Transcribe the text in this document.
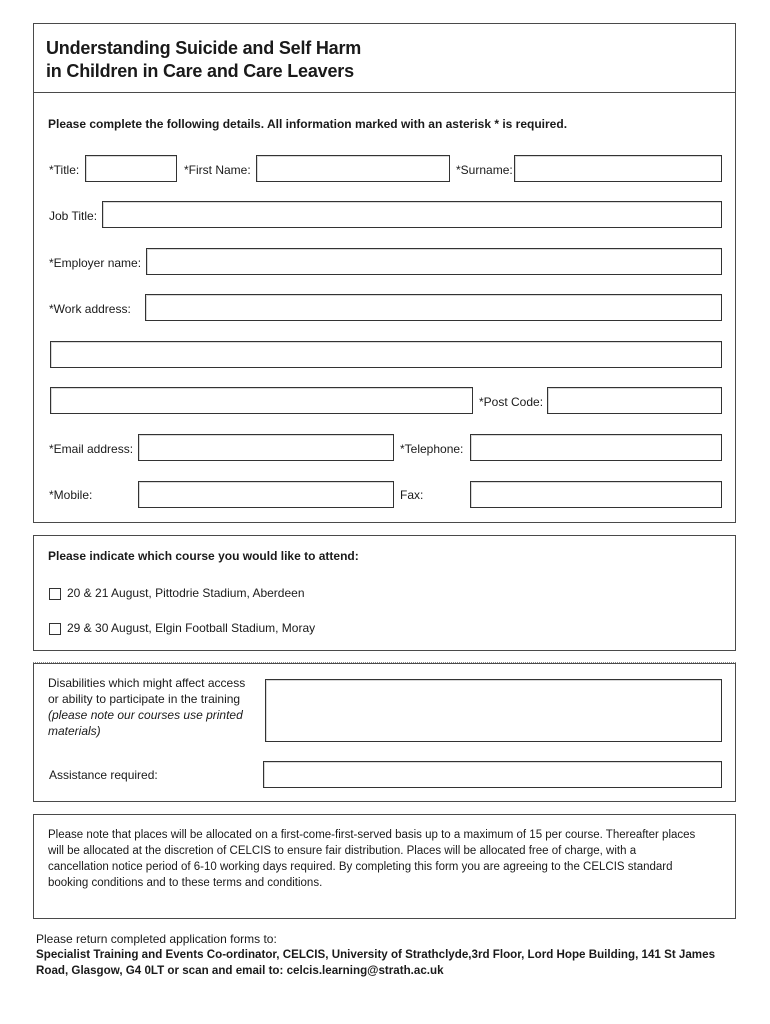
Understanding Suicide and Self Harm
in Children in Care and Care Leavers
Please complete the following details. All information marked with an asterisk * is required.
*Title:	*First Name:	*Surname:
Job Title:
*Employer name:
*Work address:
*Post Code:
*Email address:	*Telephone:
*Mobile:	Fax:
Please indicate which course you would like to attend:
20 & 21 August, Pittodrie Stadium, Aberdeen
29 & 30 August, Elgin Football Stadium, Moray
Disabilities which might affect access
or ability to participate in the training
(please note our courses use printed
materials)
Assistance required:
Please note that places will be allocated on a first-come-first-served basis up to a maximum of 15 per course. Thereafter places
will be allocated at the discretion of CELCIS to ensure fair distribution. Places will be allocated free of charge, with a
cancellation notice period of 6-10 working days required. By completing this form you are agreeing to the CELCIS standard
booking conditions and to these terms and conditions.
Please return completed application forms to:
Specialist Training and Events Co-ordinator, CELCIS, University of Strathclyde,3rd Floor, Lord Hope Building, 141 St James
Road, Glasgow, G4 0LT or scan and email to: celcis.learning@strath.ac.uk
